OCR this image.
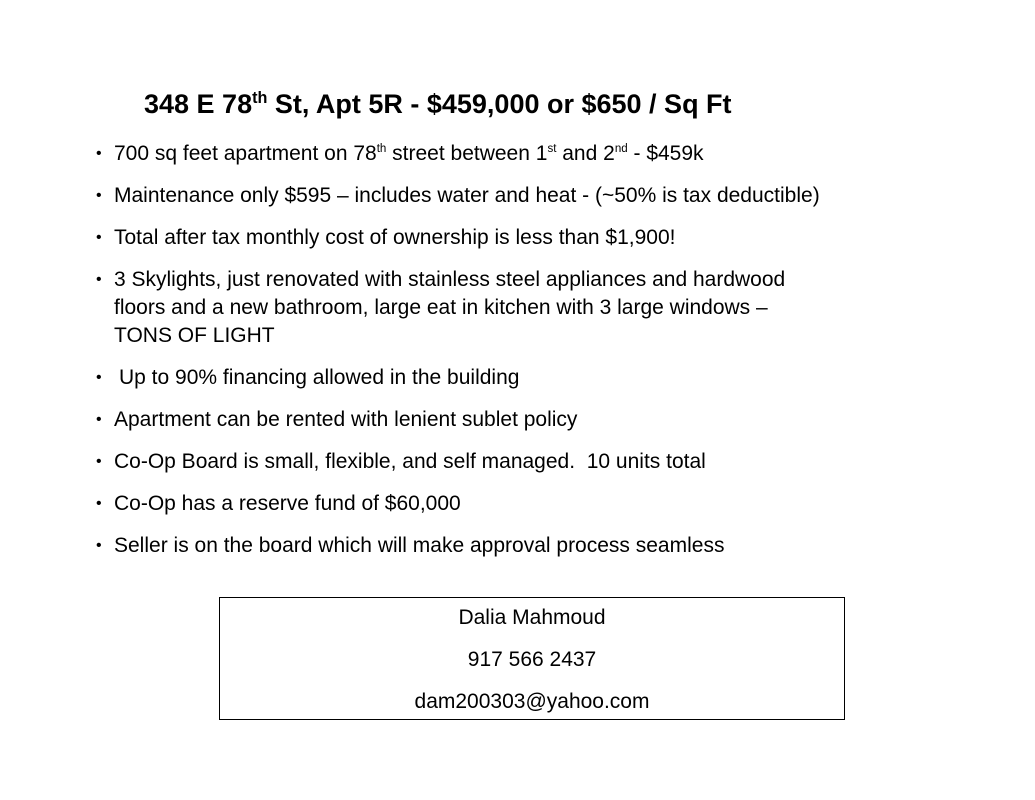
348 E 78th St, Apt 5R - $459,000 or $650 / Sq Ft
• 700 sq feet apartment on 78th street between 1st and 2nd - $459k
• Maintenance only $595 – includes water and heat - (~50% is tax deductible)
• Total after tax monthly cost of ownership is less than $1,900!
• 3 Skylights, just renovated with stainless steel appliances and hardwood
floors and a new bathroom, large eat in kitchen with 3 large windows –
TONS OF LIGHT
• Up to 90% financing allowed in the building
• Apartment can be rented with lenient sublet policy
• Co-Op Board is small, flexible, and self managed.  10 units total
• Co-Op has a reserve fund of $60,000
• Seller is on the board which will make approval process seamless
Dalia Mahmoud
917 566 2437
dam200303@yahoo.com
